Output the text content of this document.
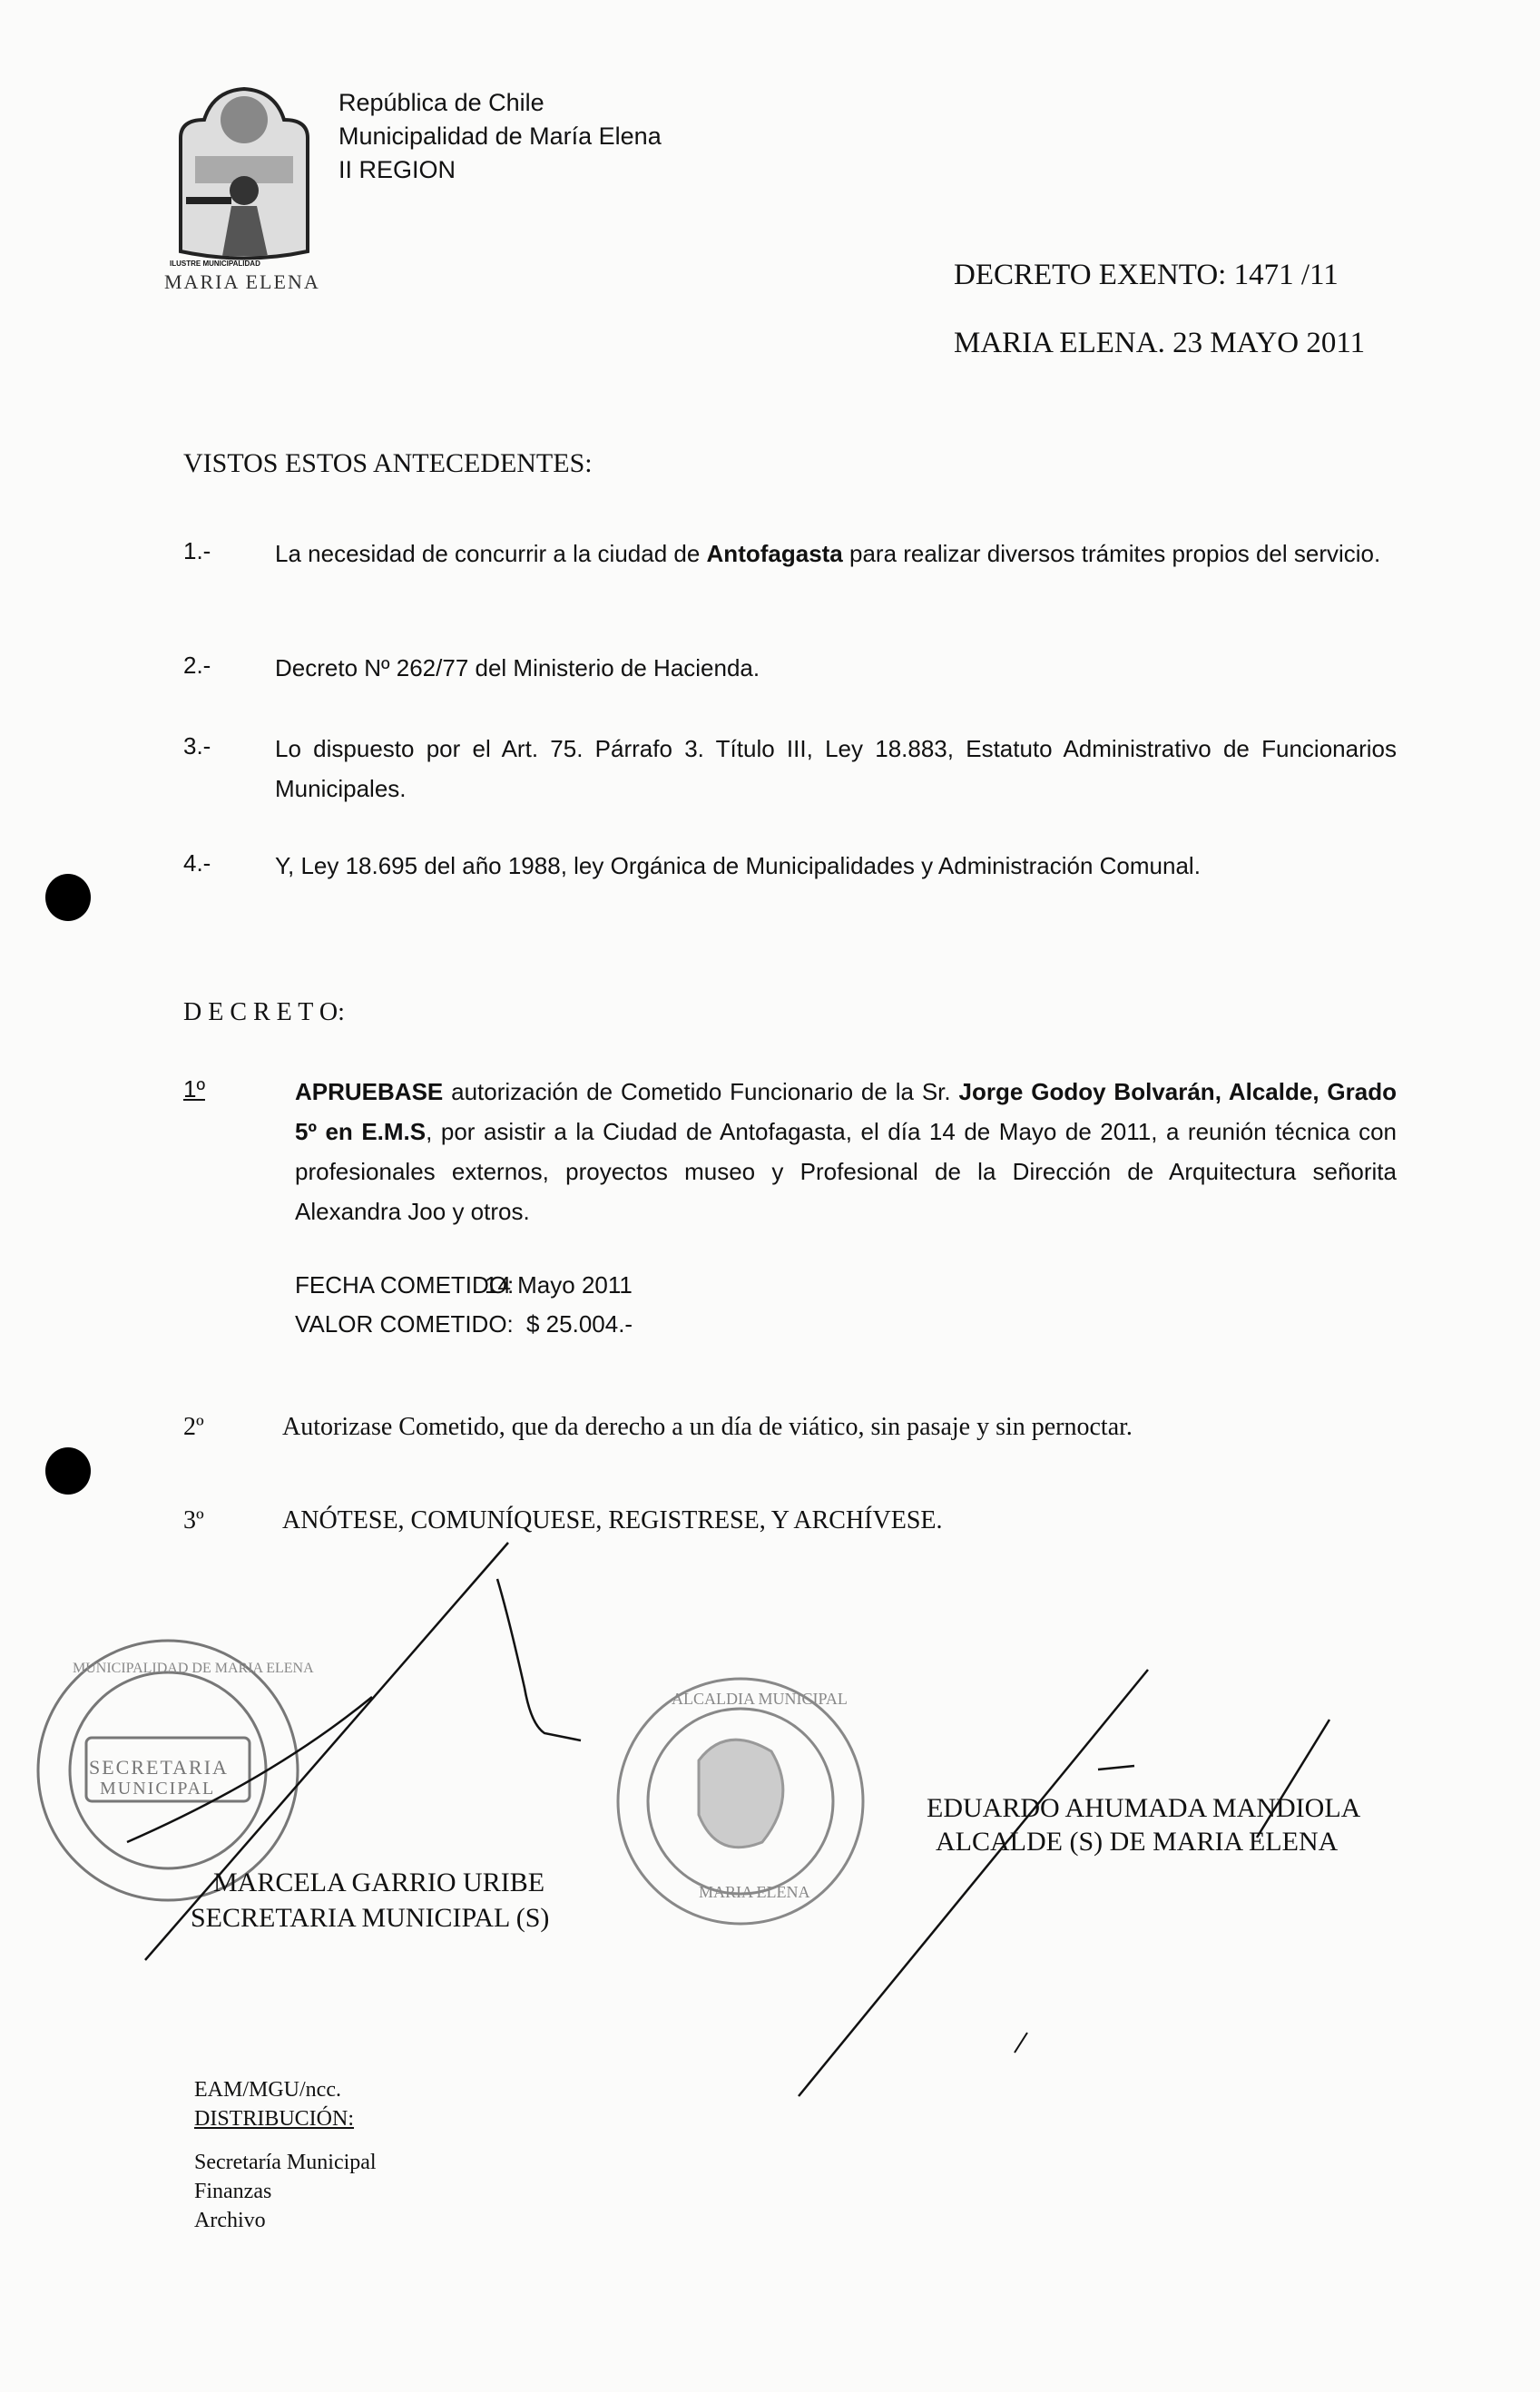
ILUSTRE MUNICIPALIDAD
MARIA ELENA
República de Chile
Municipalidad de María Elena
II REGION
DECRETO EXENTO: 1471 /11
MARIA ELENA. 23 MAYO 2011
VISTOS ESTOS ANTECEDENTES:
1.-	La necesidad de concurrir a la ciudad de Antofagasta para realizar diversos trámites propios del servicio.
2.-	Decreto Nº 262/77 del Ministerio de Hacienda.
3.-	Lo dispuesto por el Art. 75. Párrafo 3. Título III, Ley 18.883, Estatuto Administrativo de Funcionarios Municipales.
4.-	Y, Ley 18.695 del año 1988, ley Orgánica de Municipalidades y Administración Comunal.
D E C R E T O:
1º	APRUEBASE autorización de Cometido Funcionario de la Sr. Jorge Godoy Bolvarán, Alcalde, Grado 5º en E.M.S, por asistir a la Ciudad de Antofagasta, el día 14 de Mayo de 2011, a reunión técnica con profesionales externos, proyectos museo y Profesional de la Dirección de Arquitectura señorita Alexandra Joo y otros.
FECHA COMETIDO:
14 Mayo 2011
VALOR COMETIDO: $ 25.004.-
2º	Autorizase Cometido, que da derecho a un día de viático, sin pasaje y sin pernoctar.
3º	ANÓTESE, COMUNÍQUESE, REGISTRESE, Y ARCHÍVESE.
SECRETARIA
MUNICIPAL
MUNICIPALIDAD DE MARIA ELENA
ALCALDIA MUNICIPAL
MARIA ELENA
MARCELA GARRIO URIBE
SECRETARIA MUNICIPAL (S)
EDUARDO AHUMADA MANDIOLA
ALCALDE (S) DE MARIA ELENA
EAM/MGU/ncc.
DISTRIBUCIÓN:
Secretaría Municipal
Finanzas
Archivo
